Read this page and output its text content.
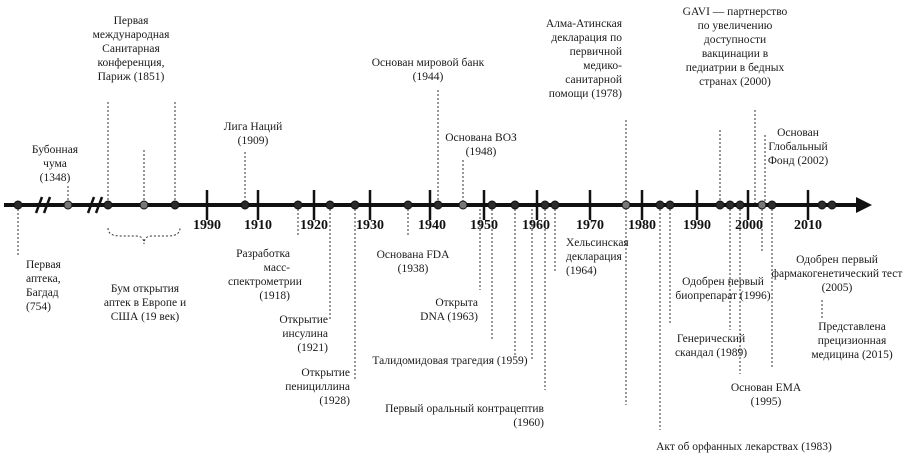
1990 1910 1920 1930 1940 1950 1960 1970 1980 1990 2000 2010
Бубонная чума (1348)
Первая международная Санитарная конференция, Париж (1851)
Лига Наций (1909)
Основан мировой банк (1944)
Основана ВОЗ (1948)
Алма-Атинская декларация по первичной медико-санитарной помощи (1978)
GAVI — партнерство по увеличению доступности вакцинации в педиатрии в бедных странах (2000)
Основан Глобальный Фонд (2002)
Первая аптека, Багдад (754)
Бум открытия аптек в Европе и США (19 век)
Разработка масс-спектрометрии (1918)
Открытие инсулина (1921)
Открытие пенициллина (1928)
Основана FDA (1938)
Открыта DNA (1963)
Талидомидовая трагедия (1959)
Первый оральный контрацептив (1960)
Хельсинская декларация (1964)
Акт об орфанных лекарствах (1983)
Одобрен первый биопрепарат (1996)
Генерический скандал (1989)
Основан EMA (1995)
Одобрен первый фармакогенетический тест (2005)
Представлена прецизионная медицина (2015)
